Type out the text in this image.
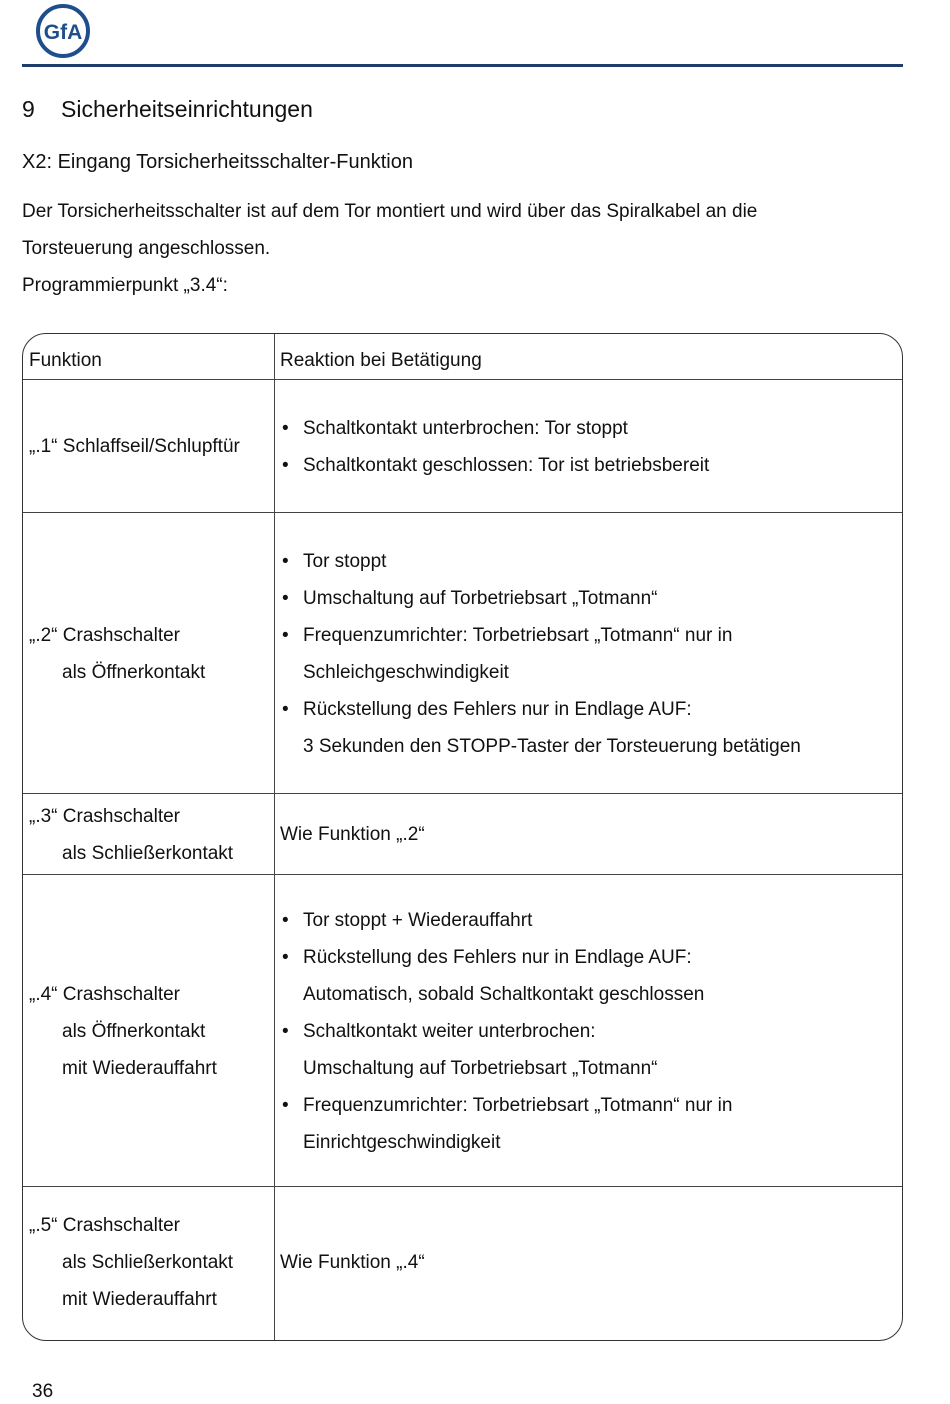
GfA
9 Sicherheitseinrichtungen
X2: Eingang Torsicherheitsschalter-Funktion

Der Torsicherheitsschalter ist auf dem Tor montiert und wird über das Spiralkabel an die

Torsteuerung angeschlossen.

Programmierpunkt „3.4“:

Funktion	Reaktion bei Betätigung
„.1“ Schlaffseil/Schlupftür
• Schaltkontakt unterbrochen: Tor stoppt
• Schaltkontakt geschlossen: Tor ist betriebsbereit
„.2“ Crashschalter
als Öffnerkontakt
• Tor stoppt
• Umschaltung auf Torbetriebsart „Totmann“
• Frequenzumrichter: Torbetriebsart „Totmann“ nur in
Schleichgeschwindigkeit
• Rückstellung des Fehlers nur in Endlage AUF:
3 Sekunden den STOPP-Taster der Torsteuerung betätigen
„.3“ Crashschalter
als Schließerkontakt
Wie Funktion „.2“
„.4“ Crashschalter
als Öffnerkontakt
mit Wiederauffahrt
• Tor stoppt + Wiederauffahrt
• Rückstellung des Fehlers nur in Endlage AUF:
Automatisch, sobald Schaltkontakt geschlossen
• Schaltkontakt weiter unterbrochen:
Umschaltung auf Torbetriebsart „Totmann“
• Frequenzumrichter: Torbetriebsart „Totmann“ nur in
Einrichtgeschwindigkeit
„.5“ Crashschalter
als Schließerkontakt
mit Wiederauffahrt
Wie Funktion „.4“
36
